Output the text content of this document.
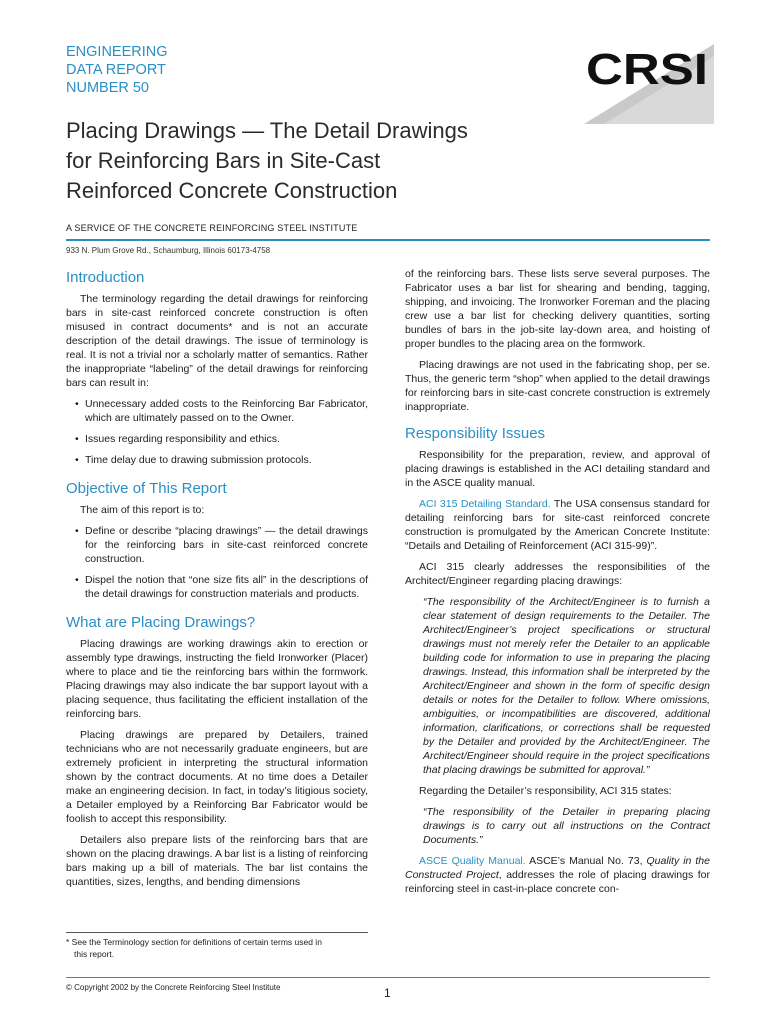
ENGINEERING
DATA REPORT
NUMBER 50	CRSI
Placing Drawings — The Detail Drawings
for Reinforcing Bars in Site-Cast
Reinforced Concrete Construction
A SERVICE OF THE CONCRETE REINFORCING STEEL INSTITUTE
933 N. Plum Grove Rd., Schaumburg, Illinois 60173-4758
Introduction

The terminology regarding the detail drawings for reinforcing bars in site-cast reinforced concrete construction is often misused in contract documents* and is not an accurate description of the detail drawings. The issue of terminology is real. It is not a trivial nor a scholarly matter of semantics. Rather the inappropriate “labeling” of the detail drawings for reinforcing bars can result in:

• Unnecessary added costs to the Reinforcing Bar Fabricator, which are ultimately passed on to the Owner.
• Issues regarding responsibility and ethics.
• Time delay due to drawing submission protocols.
Objective of This Report

The aim of this report is to:

• Define or describe “placing drawings” — the detail drawings for the reinforcing bars in site-cast reinforced concrete construction.
• Dispel the notion that “one size fits all” in the descriptions of the detail drawings for construction materials and products.
What are Placing Drawings?

Placing drawings are working drawings akin to erection or assembly type drawings, instructing the field Ironworker (Placer) where to place and tie the reinforcing bars within the formwork. Placing drawings may also indicate the bar support layout with a placing sequence, thus facilitating the efficient installation of the reinforcing bars.

Placing drawings are prepared by Detailers, trained technicians who are not necessarily graduate engineers, but are extremely proficient in interpreting the structural information shown by the contract documents. At no time does a Detailer make an engineering decision. In fact, in today’s litigious society, a Detailer employed by a Reinforcing Bar Fabricator would be foolish to accept this responsibility.

Detailers also prepare lists of the reinforcing bars that are shown on the placing drawings. A bar list is a listing of reinforcing bars making up a bill of materials. The bar list contains the quantities, sizes, lengths, and bending dimensions

* See the Terminology section for definitions of certain terms used in
this report.

of the reinforcing bars. These lists serve several purposes. The Fabricator uses a bar list for shearing and bending, tagging, shipping, and invoicing. The Ironworker Foreman and the placing crew use a bar list for checking delivery quantities, sorting bundles of bars in the job-site lay-down area, and hoisting of proper bundles to the placing area on the formwork.

Placing drawings are not used in the fabricating shop, per se. Thus, the generic term “shop” when applied to the detail drawings for reinforcing bars in site-cast concrete construction is extremely inappropriate.

Responsibility Issues

Responsibility for the preparation, review, and approval of placing drawings is established in the ACI detailing standard and in the ASCE quality manual.

ACI 315 Detailing Standard. The USA consensus standard for detailing reinforcing bars for site-cast reinforced concrete construction is promulgated by the American Concrete Institute: “Details and Detailing of Reinforcement (ACI 315-99)”.

ACI 315 clearly addresses the responsibilities of the Architect/Engineer regarding placing drawings:

“The responsibility of the Architect/Engineer is to furnish a clear statement of design requirements to the Detailer. The Architect/Engineer’s project specifications or structural drawings must not merely refer the Detailer to an applicable building code for information to use in preparing the placing drawings. Instead, this information shall be interpreted by the Architect/Engineer and shown in the form of specific design details or notes for the Detailer to follow. Where omissions, ambiguities, or incompatibilities are discovered, additional information, clarifications, or corrections shall be requested by the Detailer and provided by the Architect/Engineer. The Architect/Engineer should require in the project specifications that placing drawings be submitted for approval.”

Regarding the Detailer’s responsibility, ACI 315 states:

“The responsibility of the Detailer in preparing placing drawings is to carry out all instructions on the Contract Documents.”

ASCE Quality Manual. ASCE’s Manual No. 73, Quality in the Constructed Project, addresses the role of placing drawings for reinforcing steel in cast-in-place concrete con-

© Copyright 2002 by the Concrete Reinforcing Steel Institute	1
